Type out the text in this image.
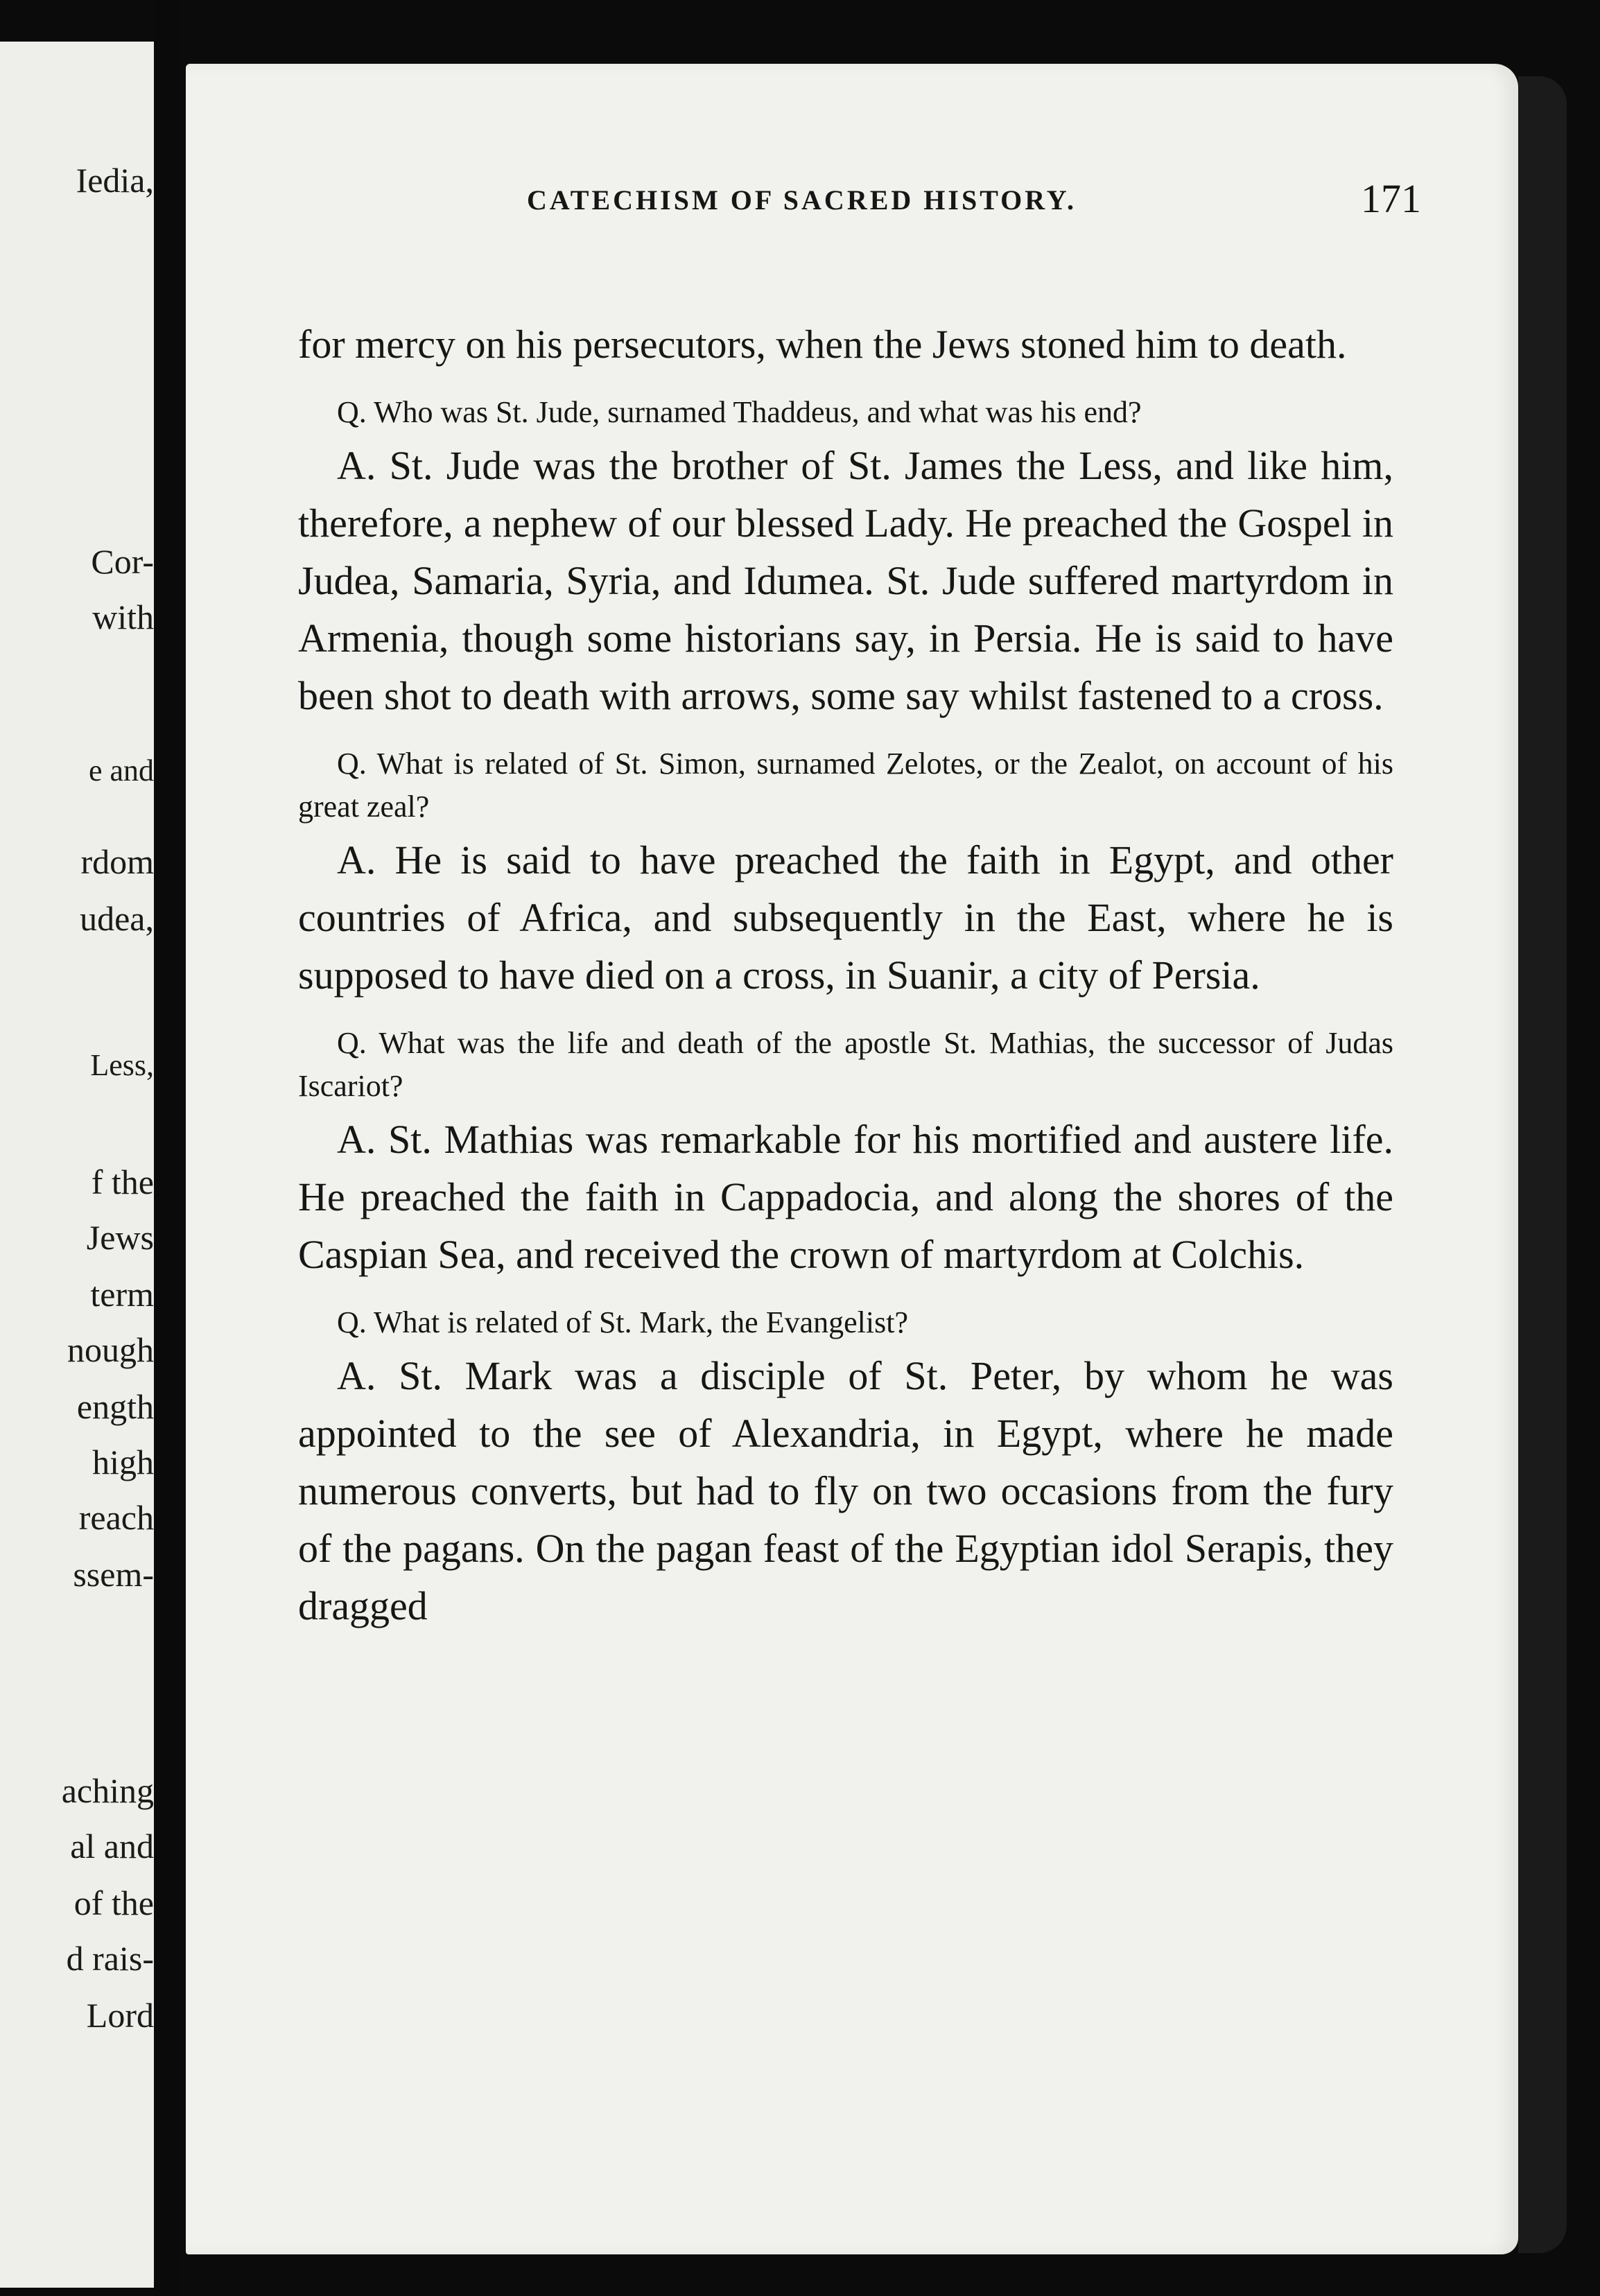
Iedia,

Cor-

with

e and

rdom

udea,

Less,

f the

Jews

term

nough

ength

high

reach

ssem-

aching

al and

of the

d rais-

Lord

CATECHISM OF SACRED HISTORY.	171

for mercy on his persecutors, when the Jews stoned him to death.

Q. Who was St. Jude, surnamed Thaddeus, and what was his end?

A. St. Jude was the brother of St. James the Less, and like him, therefore, a nephew of our blessed Lady. He preached the Gospel in Judea, Samaria, Syria, and Idumea. St. Jude suffered martyrdom in Armenia, though some historians say, in Persia. He is said to have been shot to death with arrows, some say whilst fastened to a cross.

Q. What is related of St. Simon, surnamed Zelotes, or the Zealot, on account of his great zeal?

A. He is said to have preached the faith in Egypt, and other countries of Africa, and subsequently in the East, where he is supposed to have died on a cross, in Suanir, a city of Persia.

Q. What was the life and death of the apostle St. Mathias, the successor of Judas Iscariot?

A. St. Mathias was remarkable for his mortified and austere life. He preached the faith in Cappadocia, and along the shores of the Caspian Sea, and received the crown of martyrdom at Colchis.

Q. What is related of St. Mark, the Evangelist?

A. St. Mark was a disciple of St. Peter, by whom he was appointed to the see of Alexandria, in Egypt, where he made numerous converts, but had to fly on two occasions from the fury of the pagans. On the pagan feast of the Egyptian idol Serapis, they dragged
